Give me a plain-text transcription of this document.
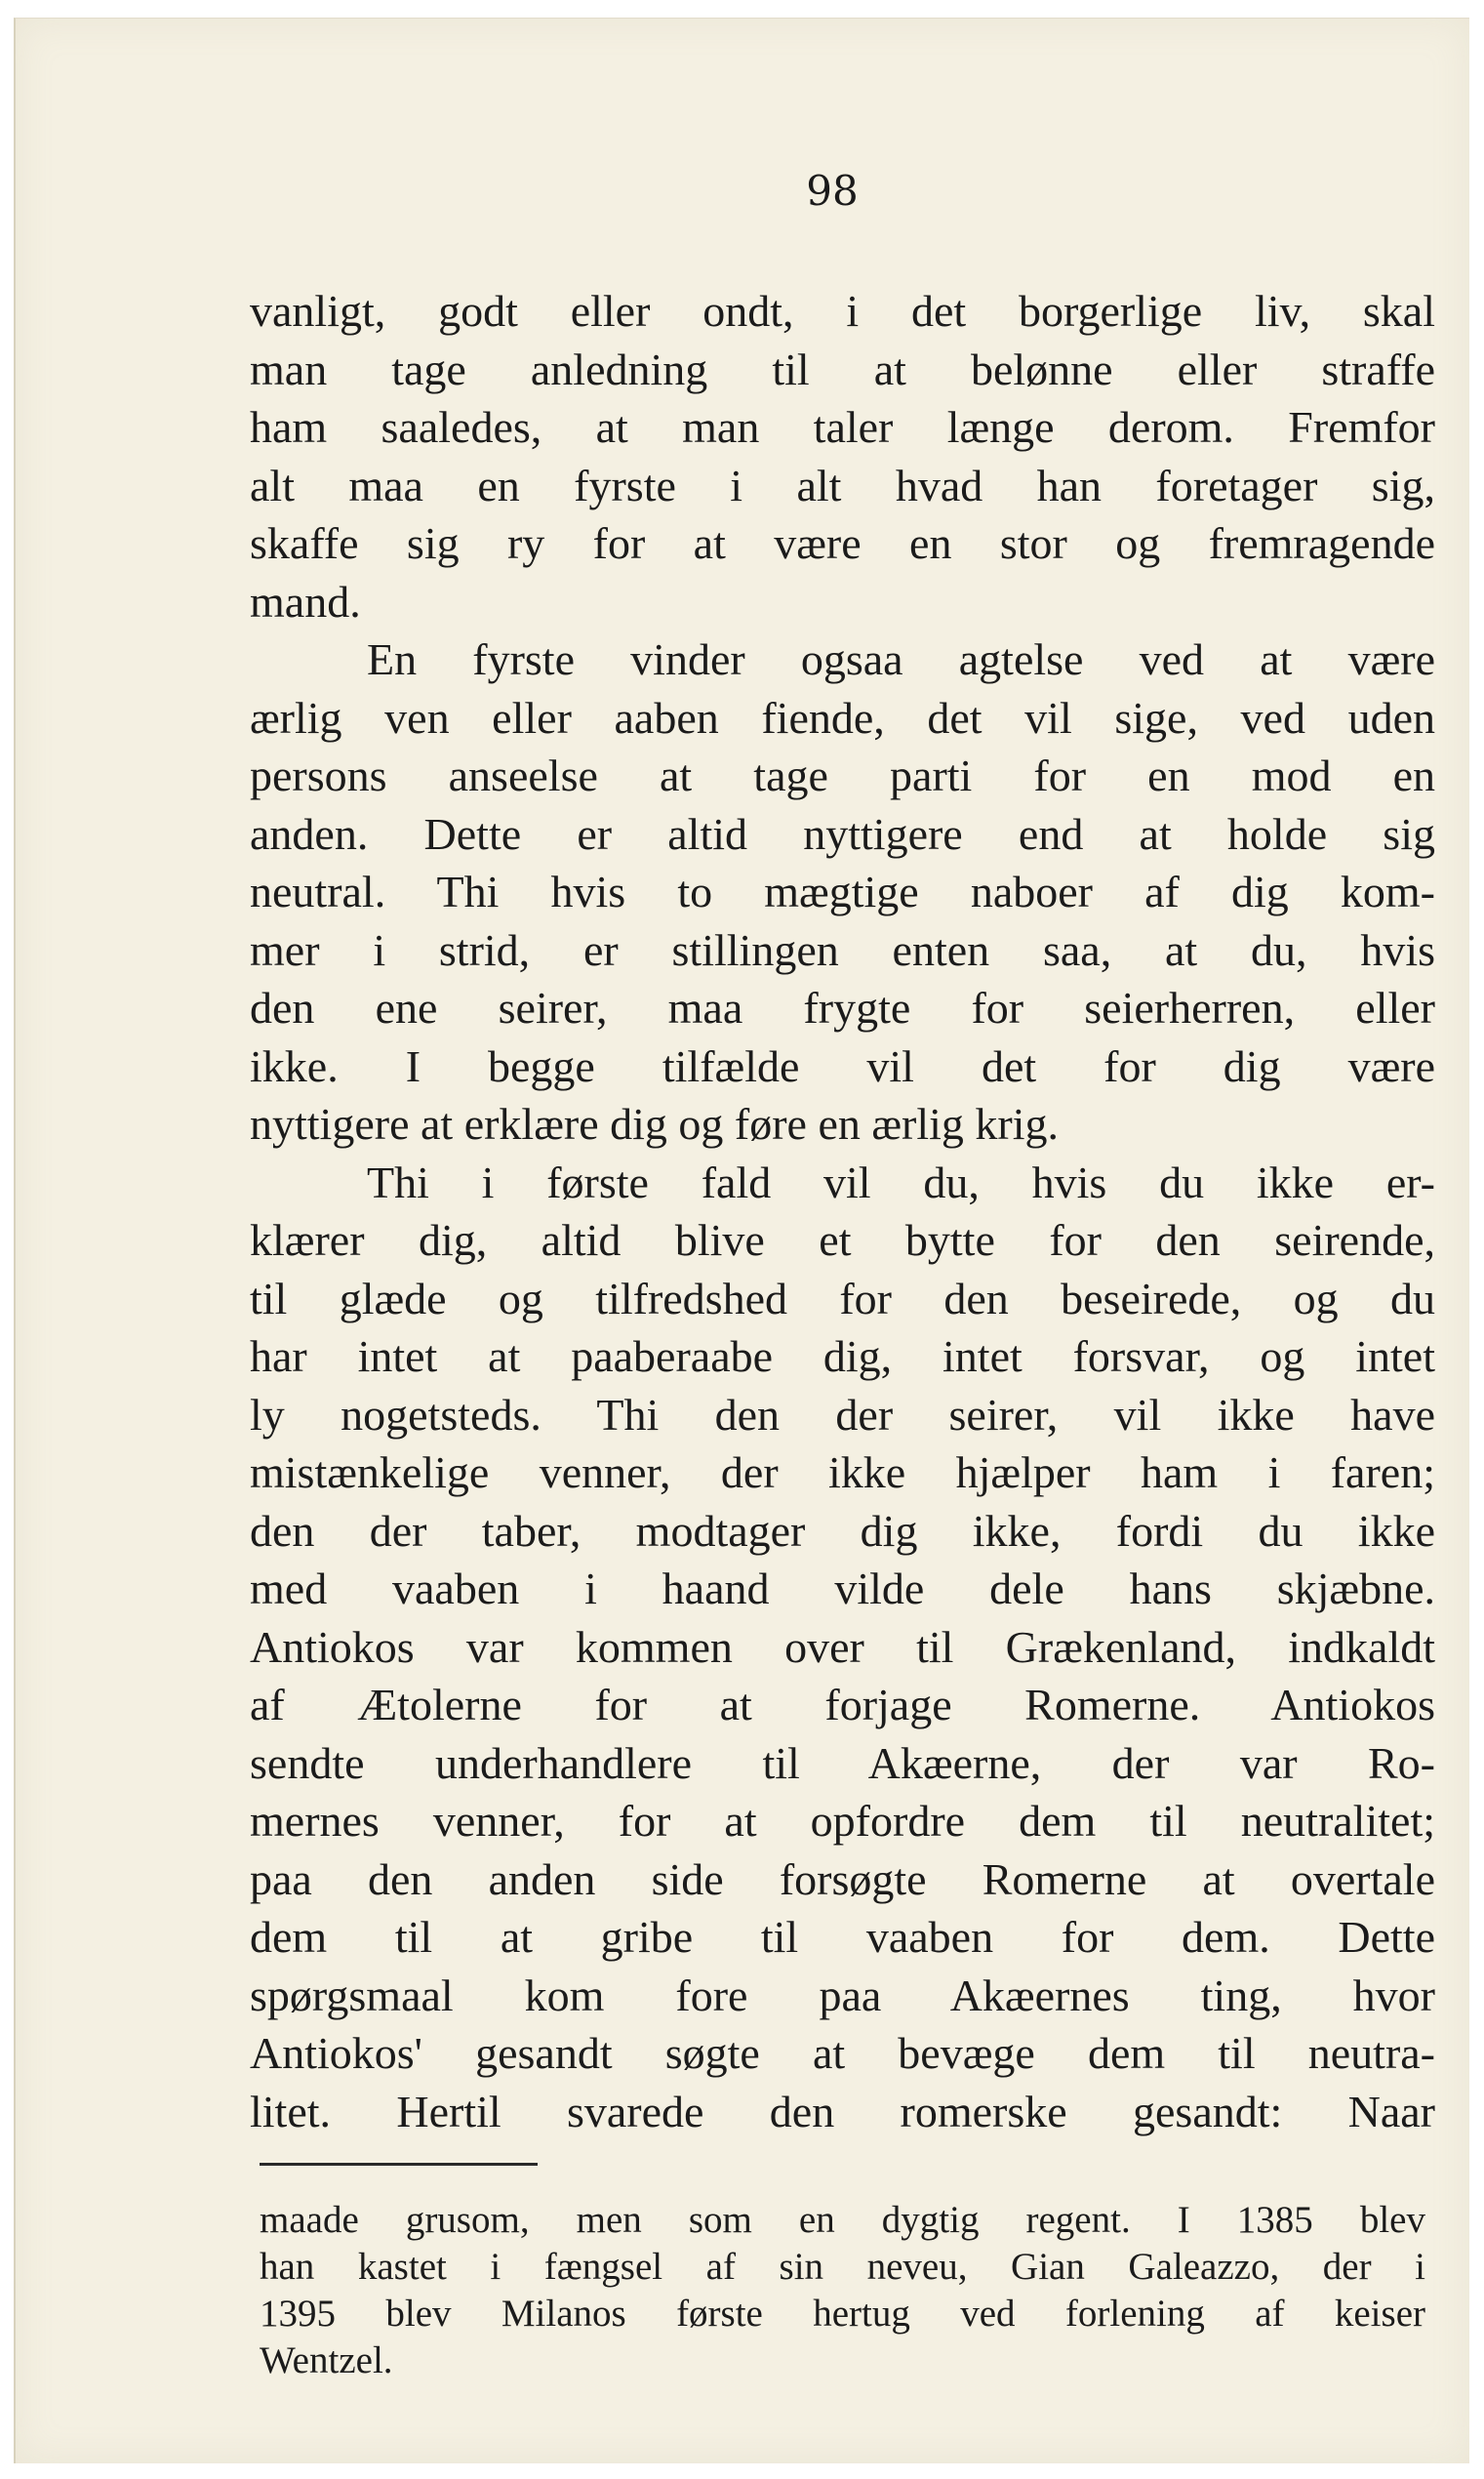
98
vanligt, godt eller ondt, i det borgerlige liv, skal
man tage anledning til at belønne eller straffe
ham saaledes, at man taler længe derom. Fremfor
alt maa en fyrste i alt hvad han foretager sig,
skaffe sig ry for at være en stor og fremragende
mand.
En fyrste vinder ogsaa agtelse ved at være
ærlig ven eller aaben fiende, det vil sige, ved uden
persons anseelse at tage parti for en mod en
anden. Dette er altid nyttigere end at holde sig
neutral. Thi hvis to mægtige naboer af dig kom-
mer i strid, er stillingen enten saa, at du, hvis
den ene seirer, maa frygte for seierherren, eller
ikke. I begge tilfælde vil det for dig være
nyttigere at erklære dig og føre en ærlig krig.
Thi i første fald vil du, hvis du ikke er-
klærer dig, altid blive et bytte for den seirende,
til glæde og tilfredshed for den beseirede, og du
har intet at paaberaabe dig, intet forsvar, og intet
ly nogetsteds. Thi den der seirer, vil ikke have
mistænkelige venner, der ikke hjælper ham i faren;
den der taber, modtager dig ikke, fordi du ikke
med vaaben i haand vilde dele hans skjæbne.
Antiokos var kommen over til Grækenland, indkaldt
af Ætolerne for at forjage Romerne. Antiokos
sendte underhandlere til Akæerne, der var Ro-
mernes venner, for at opfordre dem til neutralitet;
paa den anden side forsøgte Romerne at overtale
dem til at gribe til vaaben for dem. Dette
spørgsmaal kom fore paa Akæernes ting, hvor
Antiokos' gesandt søgte at bevæge dem til neutra-
litet. Hertil svarede den romerske gesandt: Naar
maade grusom, men som en dygtig regent. I 1385 blev
han kastet i fængsel af sin neveu, Gian Galeazzo, der i
1395 blev Milanos første hertug ved forlening af keiser
Wentzel.
